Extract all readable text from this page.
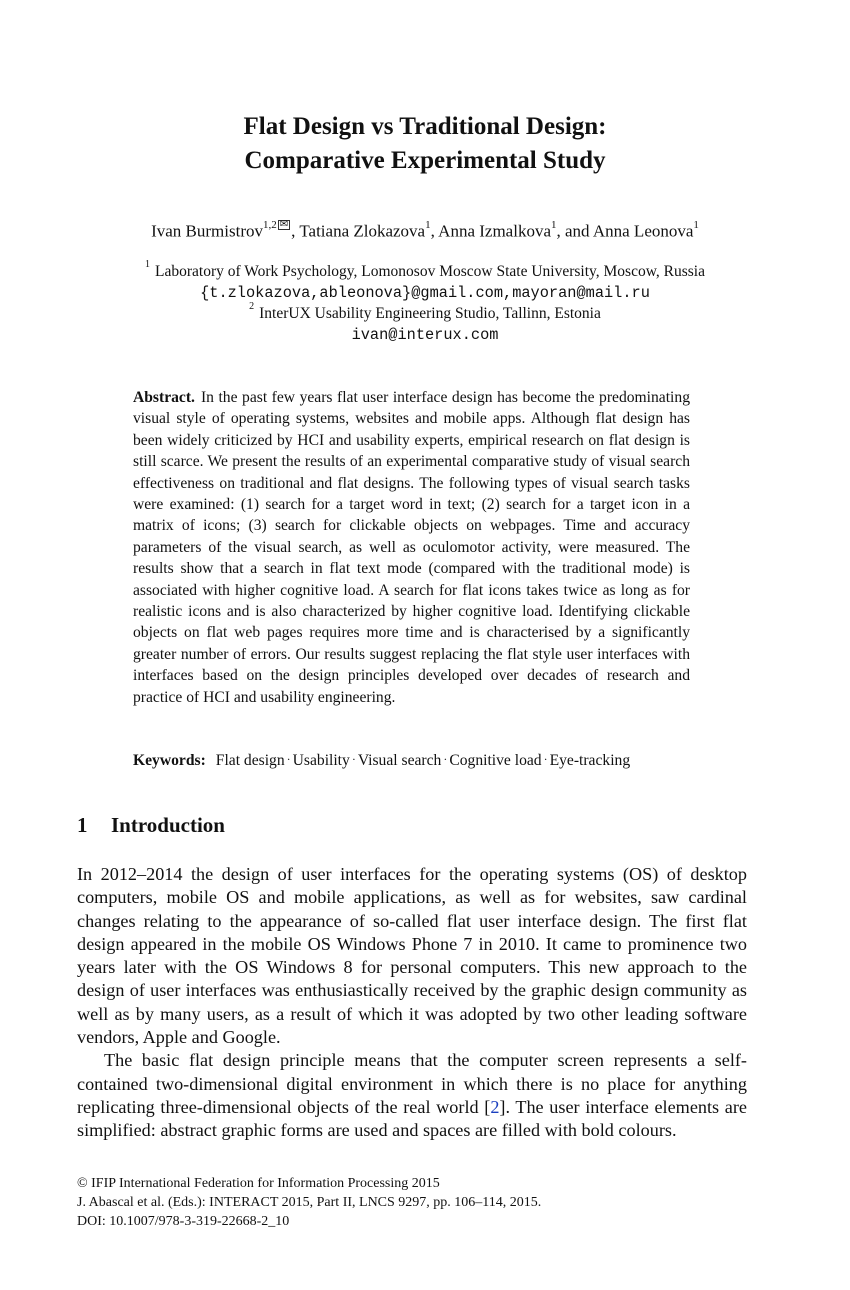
Flat Design vs Traditional Design:
Comparative Experimental Study
Ivan Burmistrov$^{1,2 ✉}$ , Tatiana Zlokazova$^1$, Anna Izmalkova$^1$, and Anna Leonova$^1$
$^1$ Laboratory of Work Psychology, Lomonosov Moscow State University, Moscow, Russia
{t.zlokazova,ableonova}@gmail.com,mayoran@mail.ru
$^2$ InterUX Usability Engineering Studio, Tallinn, Estonia
ivan@interux.com
Abstract. In the past few years flat user interface design has become the predominating visual style of operating systems, websites and mobile apps. Although flat design has been widely criticized by HCI and usability experts, empirical research on flat design is still scarce. We present the results of an experimental comparative study of visual search effectiveness on traditional and flat designs. The following types of visual search tasks were examined: (1) search for a target word in text; (2) search for a target icon in a matrix of icons; (3) search for clickable objects on webpages. Time and accuracy parameters of the visual search, as well as oculomotor activity, were measured. The results show that a search in flat text mode (compared with the traditional mode) is associated with higher cognitive load. A search for flat icons takes twice as long as for realistic icons and is also characterized by higher cognitive load. Identifying clickable objects on flat web pages requires more time and is characterised by a significantly greater number of errors. Our results suggest replacing the flat style user interfaces with interfaces based on the design principles developed over decades of research and practice of HCI and usability engineering.
Keywords: Flat design · Usability · Visual search · Cognitive load · Eye-tracking
1 Introduction

In 2012–2014 the design of user interfaces for the operating systems (OS) of desktop computers, mobile OS and mobile applications, as well as for websites, saw cardinal changes relating to the appearance of so-called flat user interface design. The first flat design appeared in the mobile OS Windows Phone 7 in 2010. It came to prominence two years later with the OS Windows 8 for personal computers. This new approach to the design of user interfaces was enthusiastically received by the graphic design community as well as by many users, as a result of which it was adopted by two other leading software vendors, Apple and Google.

The basic flat design principle means that the computer screen represents a self-contained two-dimensional digital environment in which there is no place for anything replicating three-dimensional objects of the real world [2]. The user interface elements are simplified: abstract graphic forms are used and spaces are filled with bold colours.

© IFIP International Federation for Information Processing 2015
J. Abascal et al. (Eds.): INTERACT 2015, Part II, LNCS 9297, pp. 106–114, 2015.
DOI: 10.1007/978-3-319-22668-2_10
